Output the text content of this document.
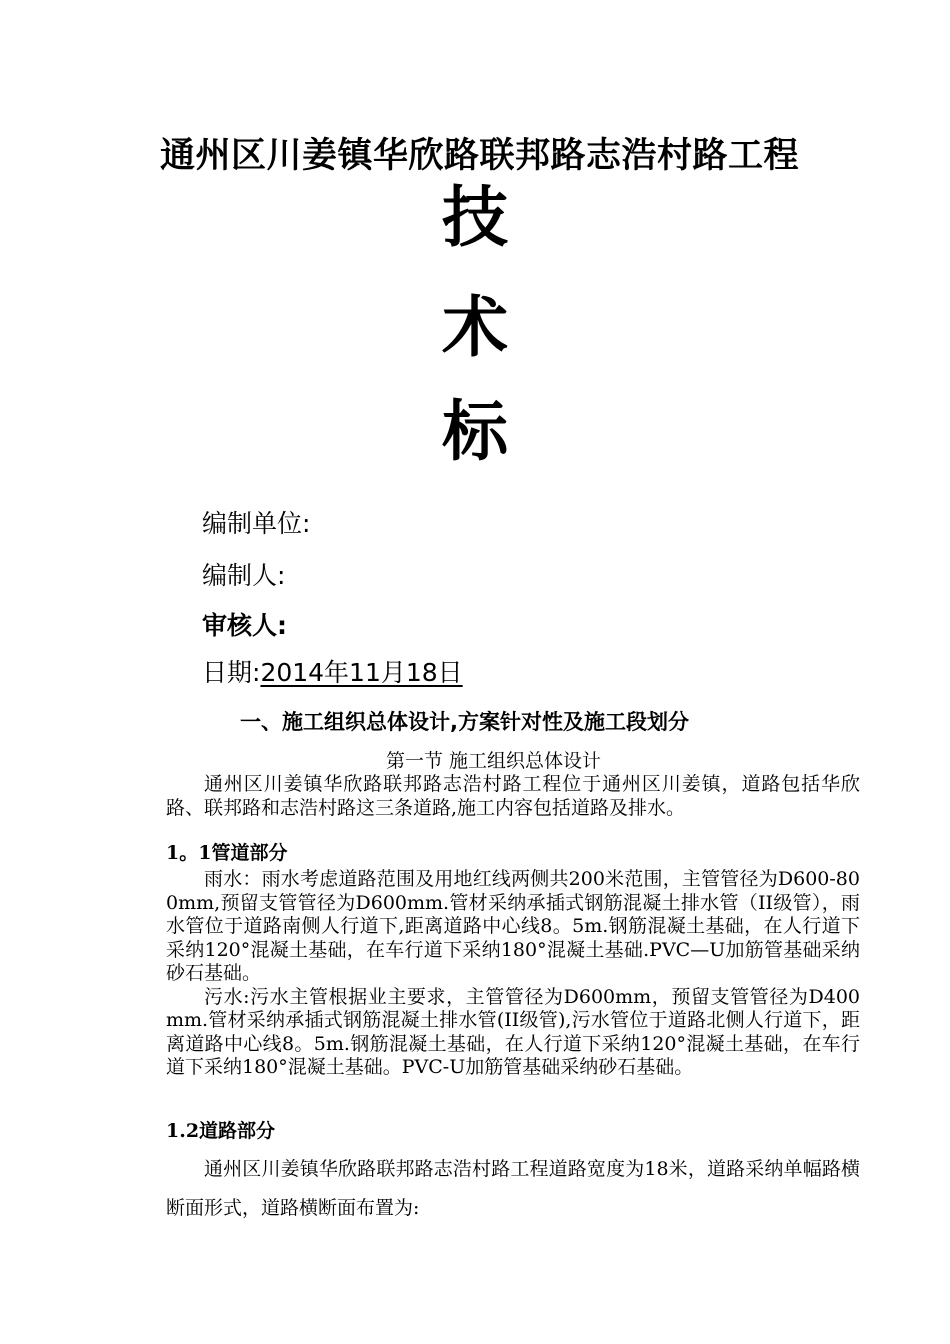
通州区川姜镇华欣路联邦路志浩村路工程
技
术
标
编制单位:
编制人:
审核人:
日期:2014年11月18日
一、施工组织总体设计,方案针对性及施工段划分
第一节 施工组织总体设计

通州区川姜镇华欣路联邦路志浩村路工程位于通州区川姜镇，道路包括华欣路、联邦路和志浩村路这三条道路,施工内容包括道路及排水。

1。1管道部分

雨水：雨水考虑道路范围及用地红线两侧共200米范围，主管管径为D600-800mm,预留支管管径为D600mm.管材采纳承插式钢筋混凝土排水管（II级管），雨水管位于道路南侧人行道下,距离道路中心线8。5m.钢筋混凝土基础，在人行道下采纳120°混凝土基础，在车行道下采纳180°混凝土基础.PVC—U加筋管基础采纳砂石基础。

污水:污水主管根据业主要求，主管管径为D600mm，预留支管管径为D400mm.管材采纳承插式钢筋混凝土排水管(II级管),污水管位于道路北侧人行道下，距离道路中心线8。5m.钢筋混凝土基础，在人行道下采纳120°混凝土基础，在车行道下采纳180°混凝土基础。PVC-U加筋管基础采纳砂石基础。

1.2道路部分

通州区川姜镇华欣路联邦路志浩村路工程道路宽度为18米，道路采纳单幅路横断面形式，道路横断面布置为:
